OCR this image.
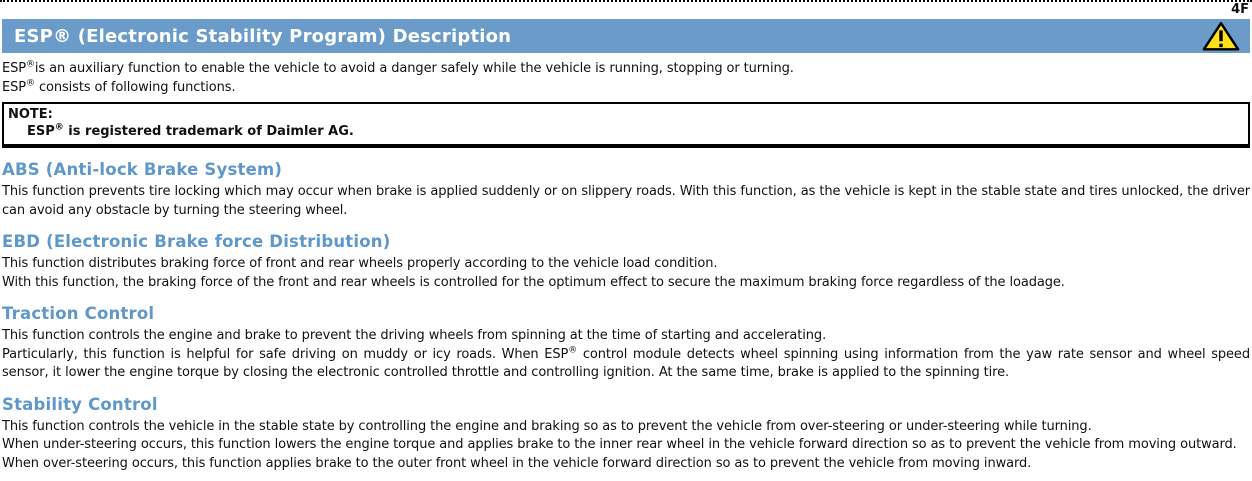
4F
ESP® (Electronic Stability Program) Description

ESP®is an auxiliary function to enable the vehicle to avoid a danger safely while the vehicle is running, stopping or turning.

ESP® consists of following functions.

NOTE:
ESP® is registered trademark of Daimler AG.
ABS (Anti-lock Brake System)

This function prevents tire locking which may occur when brake is applied suddenly or on slippery roads. With this function, as the vehicle is kept in the stable state and tires unlocked, the driver can avoid any obstacle by turning the steering wheel.

EBD (Electronic Brake force Distribution)

This function distributes braking force of front and rear wheels properly according to the vehicle load condition.

With this function, the braking force of the front and rear wheels is controlled for the optimum effect to secure the maximum braking force regardless of the loadage.

Traction Control

This function controls the engine and brake to prevent the driving wheels from spinning at the time of starting and accelerating.

Particularly, this function is helpful for safe driving on muddy or icy roads. When ESP® control module detects wheel spinning using information from the yaw rate sensor and wheel speed sensor, it lower the engine torque by closing the electronic controlled throttle and controlling ignition. At the same time, brake is applied to the spinning tire.

Stability Control

This function controls the vehicle in the stable state by controlling the engine and braking so as to prevent the vehicle from over-steering or under-steering while turning.

When under-steering occurs, this function lowers the engine torque and applies brake to the inner rear wheel in the vehicle forward direction so as to prevent the vehicle from moving outward.

When over-steering occurs, this function applies brake to the outer front wheel in the vehicle forward direction so as to prevent the vehicle from moving inward.
